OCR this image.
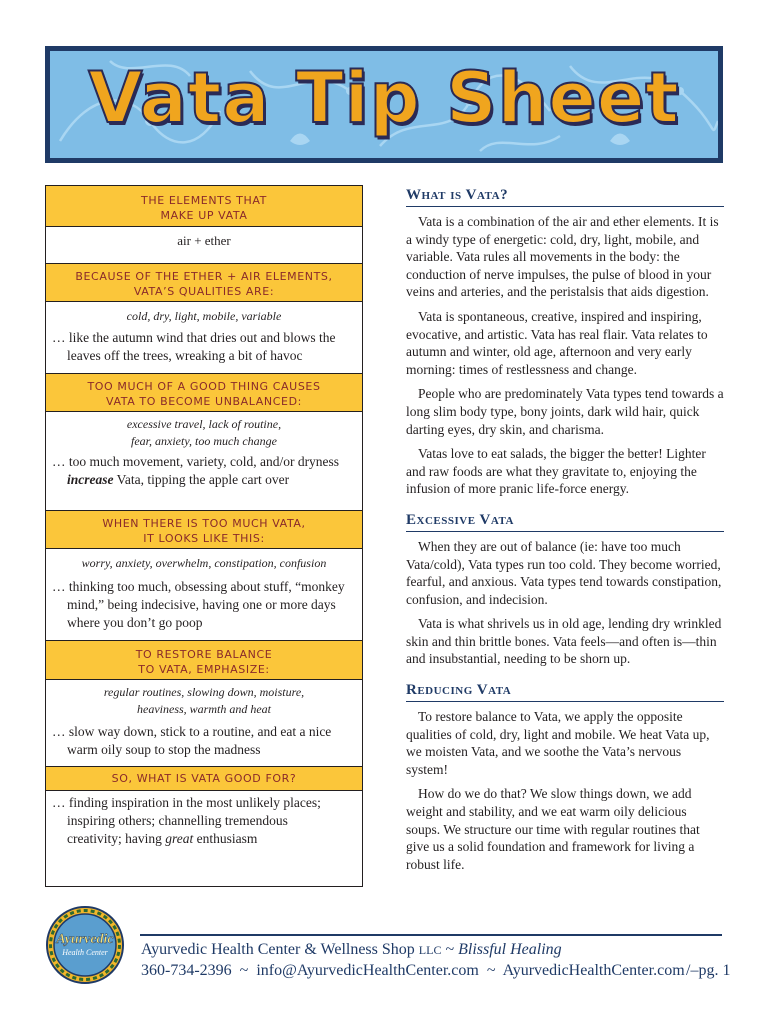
Vata Tip Sheet
THE ELEMENTS THAT
MAKE UP VATA
air + ether
BECAUSE OF THE ETHER + AIR ELEMENTS,
VATA’S QUALITIES ARE:
cold, dry, light, mobile, variable
… like the autumn wind that dries out and blows the
leaves off the trees, wreaking a bit of havoc
TOO MUCH OF A GOOD THING CAUSES
VATA TO BECOME UNBALANCED:
excessive travel, lack of routine,
fear, anxiety, too much change
… too much movement, variety, cold, and/or dryness
increase Vata, tipping the apple cart over
WHEN THERE IS TOO MUCH VATA,
IT LOOKS LIKE THIS:
worry, anxiety, overwhelm, constipation, confusion
… thinking too much, obsessing about stuff, “monkey
mind,” being indecisive, having one or more days
where you don’t go poop
TO RESTORE BALANCE
TO VATA, EMPHASIZE:
regular routines, slowing down, moisture,
heaviness, warmth and heat
… slow way down, stick to a routine, and eat a nice
warm oily soup to stop the madness
SO, WHAT IS VATA GOOD FOR?
… finding inspiration in the most unlikely places;
inspiring others; channelling tremendous
creativity; having great enthusiasm
What is Vata?

Vata is a combination of the air and ether elements. It is a windy type of energetic: cold, dry, light, mobile, and variable. Vata rules all movements in the body: the conduction of nerve impulses, the pulse of blood in your veins and arteries, and the peristalsis that aids digestion.

Vata is spontaneous, creative, inspired and inspiring, evocative, and artistic. Vata has real flair. Vata relates to autumn and winter, old age, afternoon and very early morning: times of restlessness and change.

People who are predominately Vata types tend towards a long slim body type, bony joints, dark wild hair, quick darting eyes, dry skin, and charisma.

Vatas love to eat salads, the bigger the better! Lighter and raw foods are what they gravitate to, enjoying the infusion of more pranic life-force energy.

Excessive Vata

When they are out of balance (ie: have too much Vata/cold), Vata types run too cold. They become worried, fearful, and anxious. Vata types tend towards constipation, confusion, and indecision.

Vata is what shrivels us in old age, lending dry wrinkled skin and thin brittle bones. Vata feels—and often is—thin and insubstantial, needing to be shorn up.

Reducing Vata

To restore balance to Vata, we apply the opposite qualities of cold, dry, light and mobile. We heat Vata up, we moisten Vata, and we soothe the Vata’s nervous system!

How do we do that? We slow things down, we add weight and stability, and we eat warm oily delicious soups. We structure our time with regular routines that give us a solid foundation and framework for living a robust life.

Ayurvedic
Health Center Ayurvedic Health Center & Wellness Shop LLC ~ Blissful Healing
360-734-2396  ~  info@AyurvedicHealthCenter.com  ~  AyurvedicHealthCenter.com /–pg. 1
